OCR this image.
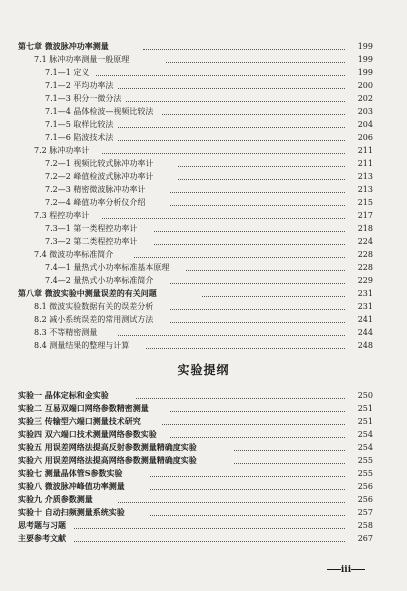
第七章 微波脉冲功率测量	199
7.1 脉冲功率测量一般原理	199
7.1—1 定义	199
7.1—2 平均功率法	200
7.1—3 积分一微分法	202
7.1—4 晶体检波—视频比较法	203
7.1—5 取样比较法	204
7.1—6 陷波技术法	206
7.2 脉冲功率计	211
7.2—1 视频比较式脉冲功率计	211
7.2—2 峰值检波式脉冲功率计	213
7.2—3 精密微波脉冲功率计	213
7.2—4 峰值功率分析仪介绍	215
7.3 程控功率计	217
7.3—1 第一类程控功率计	218
7.3—2 第二类程控功率计	224
7.4 微波功率标准简介	228
7.4—1 量热式小功率标准基本原理	228
7.4—2 量热式小功率标准简介	229
第八章 微波实验中测量误差的有关问题	231
8.1 微波实验数据有关的误差分析	231
8.2 减小系统误差的常用测试方法	241
8.3 不等精密测量	244
8.4 测量结果的整理与计算	248
实验提纲
实验一 晶体定标和金实验	250
实验二 互易双端口网络参数精密测量	251
实验三 传输型六端口测量技术研究	251
实验四 双六端口技术测量网络参数实验	254
实验五 用误差网络法提高反射参数测量精确度实验	254
实验六 用误差网络法提高网络参数测量精确度实验	255
实验七 测量晶体管S参数实验	255
实验八 微波脉冲峰值功率测量	256
实验九 介质参数测量	256
实验十 自动扫频测量系统实验	257
思考题与习题	258
主要参考文献	267
iii
